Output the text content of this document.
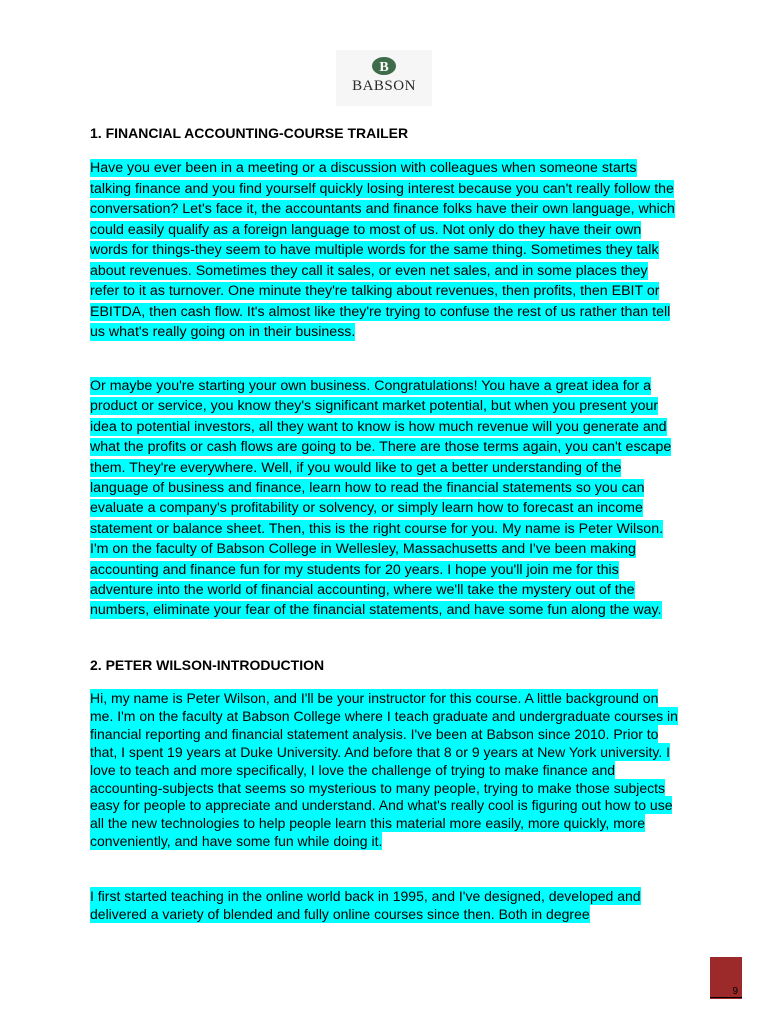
B
BABSON
1. FINANCIAL ACCOUNTING-COURSE TRAILER

Have you ever been in a meeting or a discussion with colleagues when someone starts talking finance and you find yourself quickly losing interest because you can't really follow the conversation? Let's face it, the accountants and finance folks have their own language, which could easily qualify as a foreign language to most of us. Not only do they have their own words for things-they seem to have multiple words for the same thing. Sometimes they talk about revenues. Sometimes they call it sales, or even net sales, and in some places they refer to it as turnover. One minute they're talking about revenues, then profits, then EBIT or EBITDA, then cash flow. It's almost like they're trying to confuse the rest of us rather than tell us what's really going on in their business.

Or maybe you're starting your own business. Congratulations! You have a great idea for a product or service, you know they's significant market potential, but when you present your idea to potential investors, all they want to know is how much revenue will you generate and what the profits or cash flows are going to be. There are those terms again, you can't escape them. They're everywhere. Well, if you would like to get a better understanding of the language of business and finance, learn how to read the financial statements so you can evaluate a company's profitability or solvency, or simply learn how to forecast an income statement or balance sheet. Then, this is the right course for you. My name is Peter Wilson. I'm on the faculty of Babson College in Wellesley, Massachusetts and I've been making accounting and finance fun for my students for 20 years. I hope you'll join me for this adventure into the world of financial accounting, where we'll take the mystery out of the numbers, eliminate your fear of the financial statements, and have some fun along the way.

2. PETER WILSON-INTRODUCTION

Hi, my name is Peter Wilson, and I'll be your instructor for this course. A little background on me. I'm on the faculty at Babson College where I teach graduate and undergraduate courses in financial reporting and financial statement analysis. I've been at Babson since 2010. Prior to that, I spent 19 years at Duke University. And before that 8 or 9 years at New York university. I love to teach and more specifically, I love the challenge of trying to make finance and accounting-subjects that seems so mysterious to many people, trying to make those subjects easy for people to appreciate and understand. And what's really cool is figuring out how to use all the new technologies to help people learn this material more easily, more quickly, more conveniently, and have some fun while doing it.

I first started teaching in the online world back in 1995, and I've designed, developed and delivered a variety of blended and fully online courses since then. Both in degree

9
